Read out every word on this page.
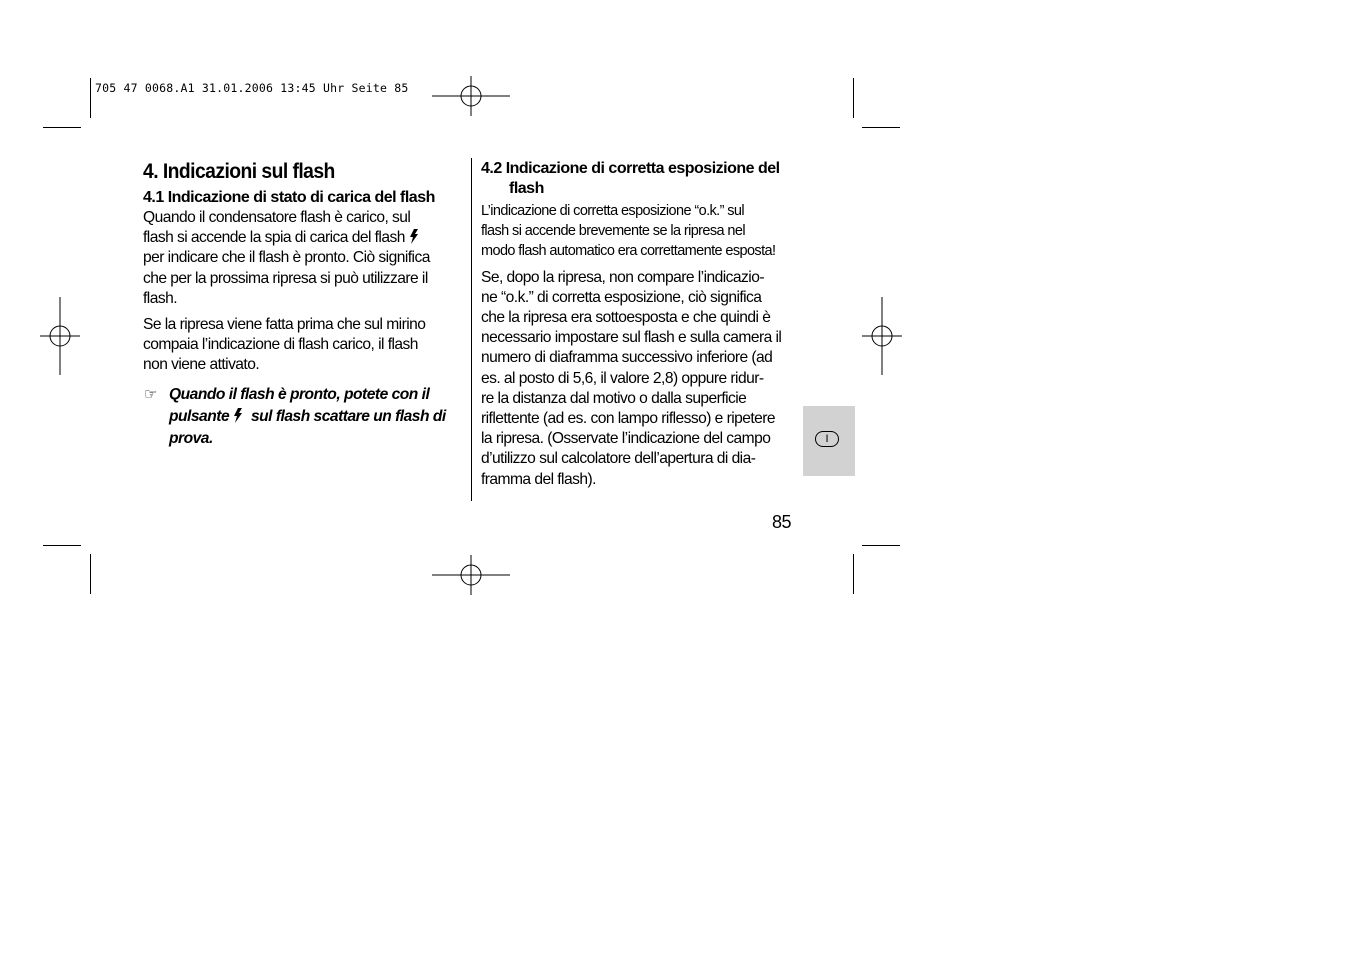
705 47 0068.A1 31.01.2006 13:45 Uhr Seite 85
4. Indicazioni sul flash
4.1 Indicazione di stato di carica del flash

Quando il condensatore flash è carico, sul
flash si accende la spia di carica del flash

per indicare che il flash è pronto. Ciò significa
che per la prossima ripresa si può utilizzare il
flash.

Se la ripresa viene fatta prima che sul mirino
compaia l’indicazione di flash carico, il flash
non viene attivato.

☞ Quando il flash è pronto, potete con il
pulsante sul flash scattare un flash di
prova.
4.2 Indicazione di corretta esposizione del
flash

L’indicazione di corretta esposizione “o.k.” sul
flash si accende brevemente se la ripresa nel
modo flash automatico era correttamente esposta!

Se, dopo la ripresa, non compare l’indicazio-
ne “o.k.” di corretta esposizione, ciò significa
che la ripresa era sottoesposta e che quindi è
necessario impostare sul flash e sulla camera il
numero di diaframma successivo inferiore (ad
es. al posto di 5,6, il valore 2,8) oppure ridur-
re la distanza dal motivo o dalla superficie
riflettente (ad es. con lampo riflesso) e ripetere
la ripresa. (Osservate l’indicazione del campo
d’utilizzo sul calcolatore dell’apertura di dia-
framma del flash).

I
85
